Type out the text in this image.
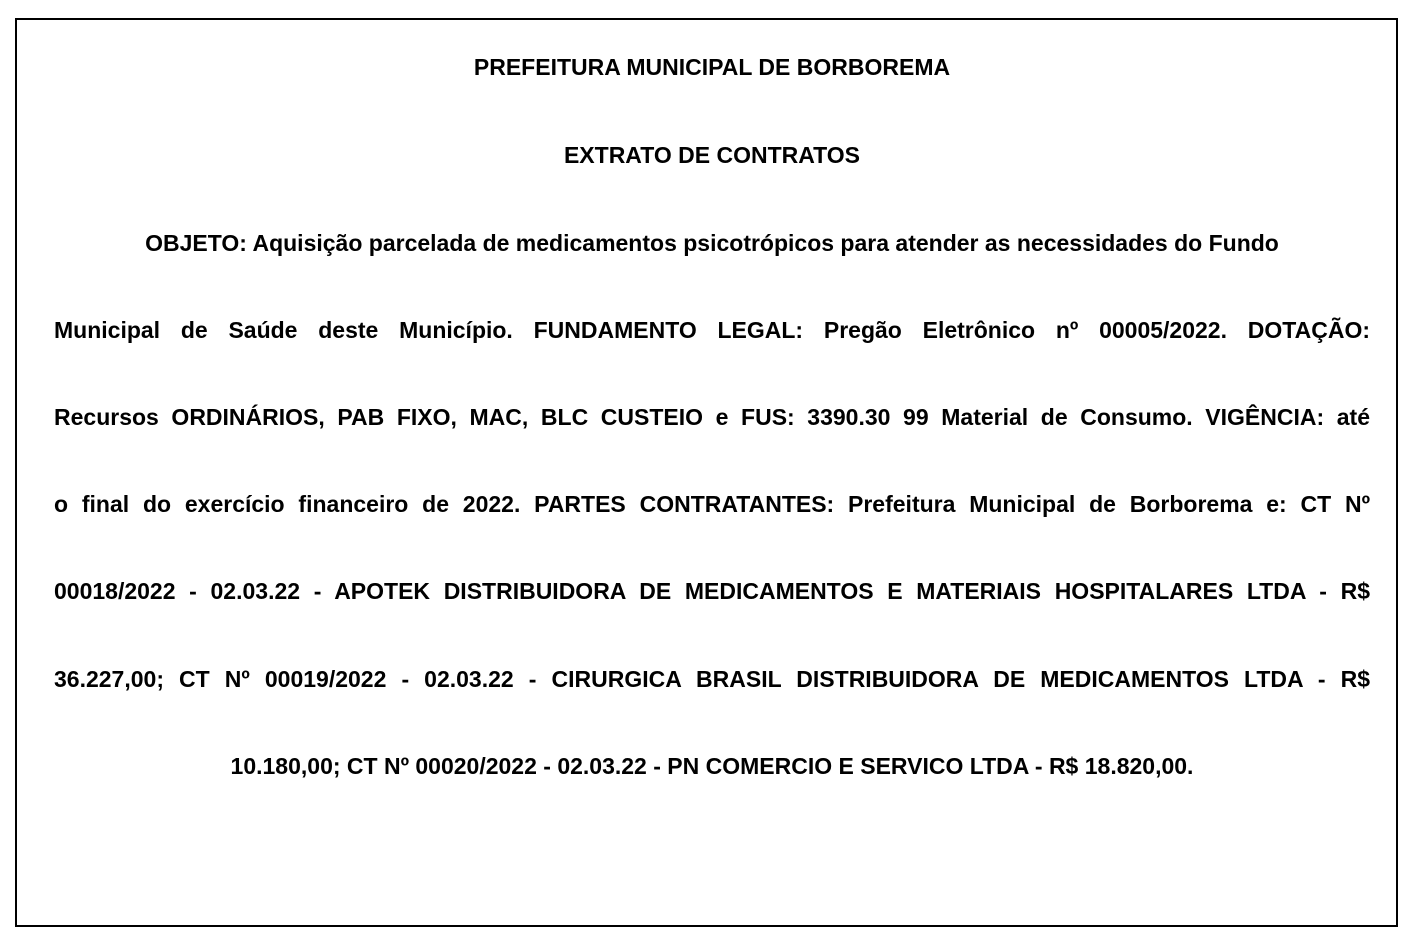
PREFEITURA MUNICIPAL DE BORBOREMA
EXTRATO DE CONTRATOS
OBJETO: Aquisição parcelada de medicamentos psicotrópicos para atender as necessidades do Fundo
Municipal de Saúde deste Município. FUNDAMENTO LEGAL: Pregão Eletrônico nº 00005/2022. DOTAÇÃO:
Recursos ORDINÁRIOS, PAB FIXO, MAC, BLC CUSTEIO e FUS: 3390.30 99 Material de Consumo. VIGÊNCIA: até
o final do exercício financeiro de 2022. PARTES CONTRATANTES: Prefeitura Municipal de Borborema e: CT Nº
00018/2022 - 02.03.22 - APOTEK DISTRIBUIDORA DE MEDICAMENTOS E MATERIAIS HOSPITALARES LTDA - R$
36.227,00; CT Nº 00019/2022 - 02.03.22 - CIRURGICA BRASIL DISTRIBUIDORA DE MEDICAMENTOS LTDA - R$
10.180,00; CT Nº 00020/2022 - 02.03.22 - PN COMERCIO E SERVICO LTDA - R$ 18.820,00.
